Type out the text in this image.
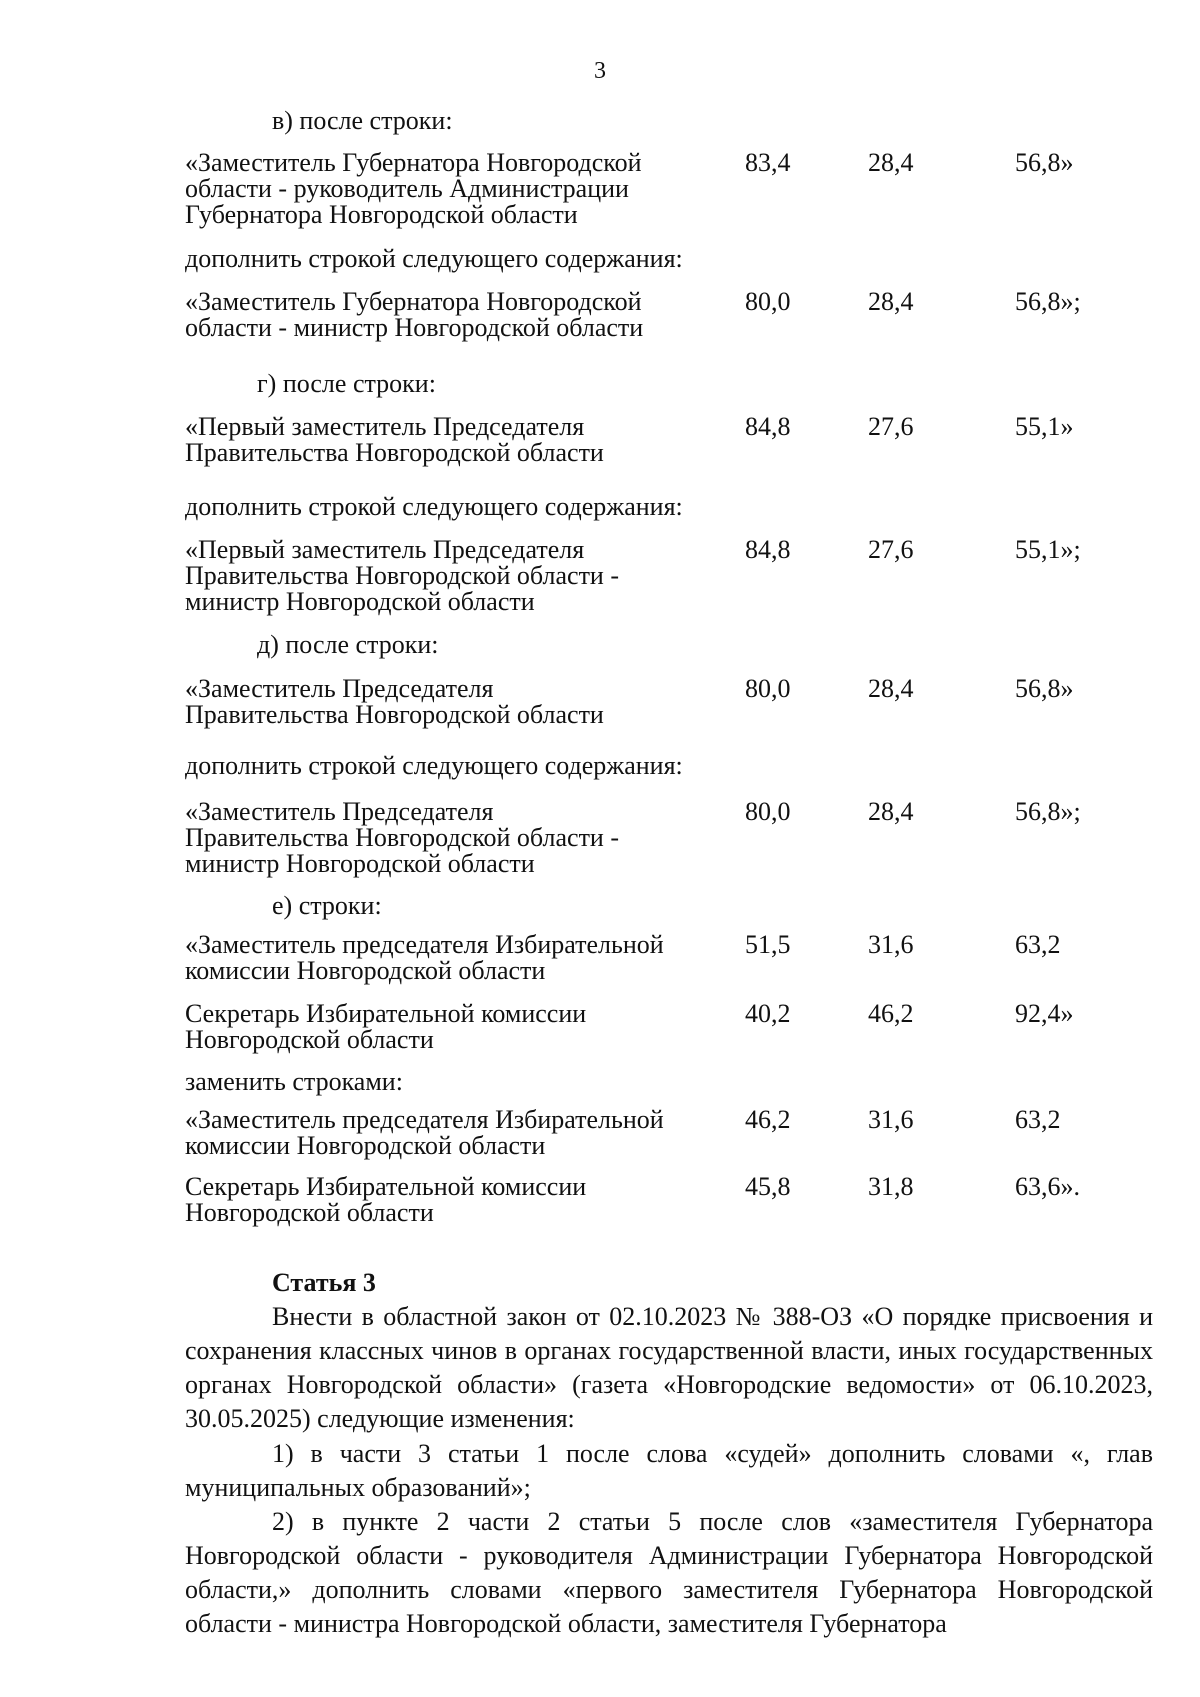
3
в) после строки:
«Заместитель Губернатора Новгородской
области - руководитель Администрации
Губернатора Новгородской области
83,4	28,4	56,8»
дополнить строкой следующего содержания:
«Заместитель Губернатора Новгородской
области - министр Новгородской области
80,0	28,4	56,8»;
г) после строки:
«Первый заместитель Председателя
Правительства Новгородской области
84,8	27,6	55,1»
дополнить строкой следующего содержания:
«Первый заместитель Председателя
Правительства Новгородской области -
министр Новгородской области
84,8	27,6	55,1»;
д) после строки:
«Заместитель Председателя
Правительства Новгородской области
80,0	28,4	56,8»
дополнить строкой следующего содержания:
«Заместитель Председателя
Правительства Новгородской области -
министр Новгородской области
80,0	28,4	56,8»;
е) строки:
«Заместитель председателя Избирательной
комиссии Новгородской области
51,5	31,6	63,2
Секретарь Избирательной комиссии
Новгородской области
40,2	46,2	92,4»
заменить строками:
«Заместитель председателя Избирательной
комиссии Новгородской области
46,2	31,6	63,2
Секретарь Избирательной комиссии
Новгородской области
45,8	31,8	63,6».
Статья 3

Внести в областной закон от 02.10.2023 № 388-ОЗ «О порядке присвоения и сохранения классных чинов в органах государственной власти, иных государственных органах Новгородской области» (газета «Новгородские ведомости» от 06.10.2023, 30.05.2025) следующие изменения:

1) в части 3 статьи 1 после слова «судей» дополнить словами «, глав муниципальных образований»;

2) в пункте 2 части 2 статьи 5 после слов «заместителя Губернатора Новгородской области - руководителя Администрации Губернатора Новгородской области,» дополнить словами «первого заместителя Губернатора Новгородской области - министра Новгородской области, заместителя Губернатора
